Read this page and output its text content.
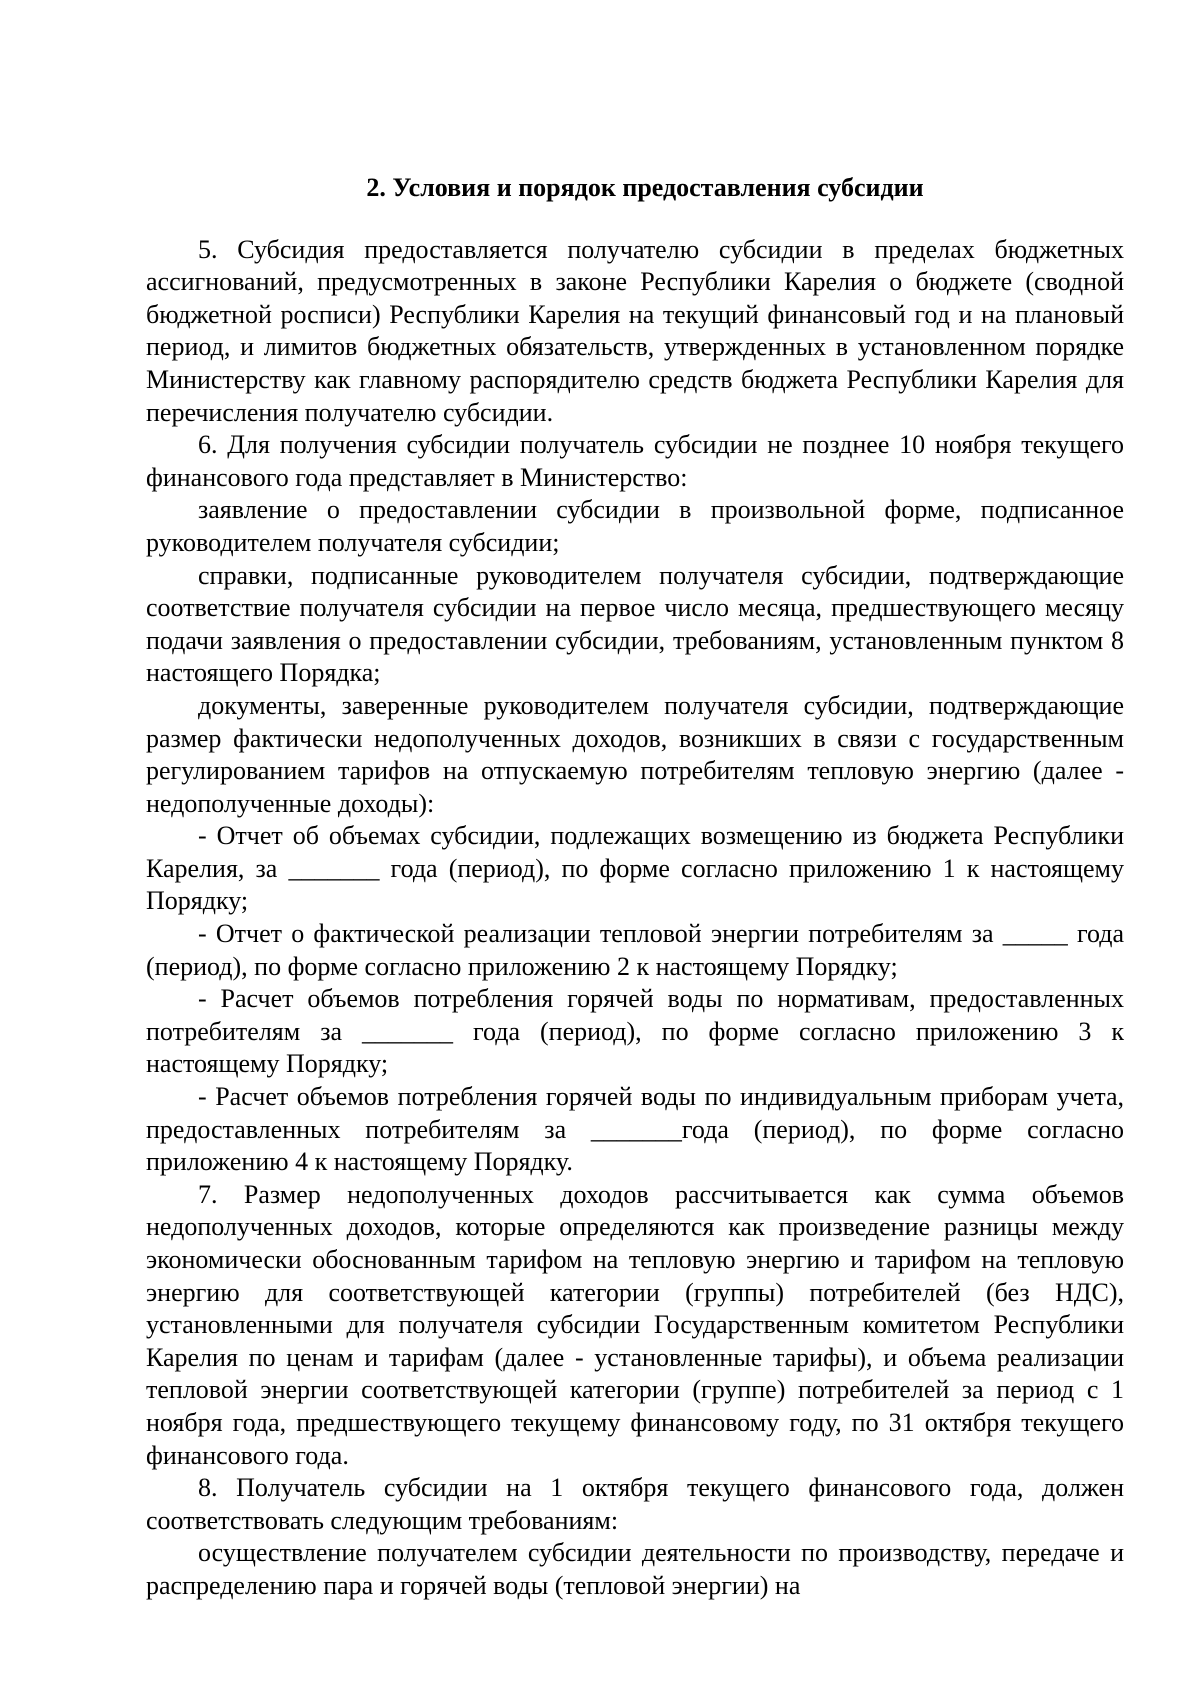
2. Условия и порядок предоставления субсидии

5. Субсидия предоставляется получателю субсидии в пределах бюджетных ассигнований, предусмотренных в законе Республики Карелия о бюджете (сводной бюджетной росписи) Республики Карелия на текущий финансовый год и на плановый период, и лимитов бюджетных обязательств, утвержденных в установленном порядке Министерству как главному распорядителю средств бюджета Республики Карелия для перечисления получателю субсидии.

6. Для получения субсидии получатель субсидии не позднее 10 ноября текущего финансового года представляет в Министерство:

заявление о предоставлении субсидии в произвольной форме, подписанное руководителем получателя субсидии;

справки, подписанные руководителем получателя субсидии, подтверждающие соответствие получателя субсидии на первое число месяца, предшествующего месяцу подачи заявления о предоставлении субсидии, требованиям, установленным пунктом 8 настоящего Порядка;

документы, заверенные руководителем получателя субсидии, подтверждающие размер фактически недополученных доходов, возникших в связи с государственным регулированием тарифов на отпускаемую потребителям тепловую энергию (далее - недополученные доходы):

- Отчет об объемах субсидии, подлежащих возмещению из бюджета Республики Карелия, за _______ года (период), по форме согласно приложению 1 к настоящему Порядку;

- Отчет о фактической реализации тепловой энергии потребителям за _____ года (период), по форме согласно приложению 2 к настоящему Порядку;

- Расчет объемов потребления горячей воды по нормативам, предоставленных потребителям за _______ года (период), по форме согласно приложению 3 к настоящему Порядку;

- Расчет объемов потребления горячей воды по индивидуальным приборам учета, предоставленных потребителям за _______года (период), по форме согласно приложению 4 к настоящему Порядку.

7. Размер недополученных доходов рассчитывается как сумма объемов недополученных доходов, которые определяются как произведение разницы между экономически обоснованным тарифом на тепловую энергию и тарифом на тепловую энергию для соответствующей категории (группы) потребителей (без НДС), установленными для получателя субсидии Государственным комитетом Республики Карелия по ценам и тарифам (далее - установленные тарифы), и объема реализации тепловой энергии соответствующей категории (группе) потребителей за период с 1 ноября года, предшествующего текущему финансовому году, по 31 октября текущего финансового года.

8. Получатель субсидии на 1 октября текущего финансового года, должен соответствовать следующим требованиям:

осуществление получателем субсидии деятельности по производству, передаче и распределению пара и горячей воды (тепловой энергии) на
